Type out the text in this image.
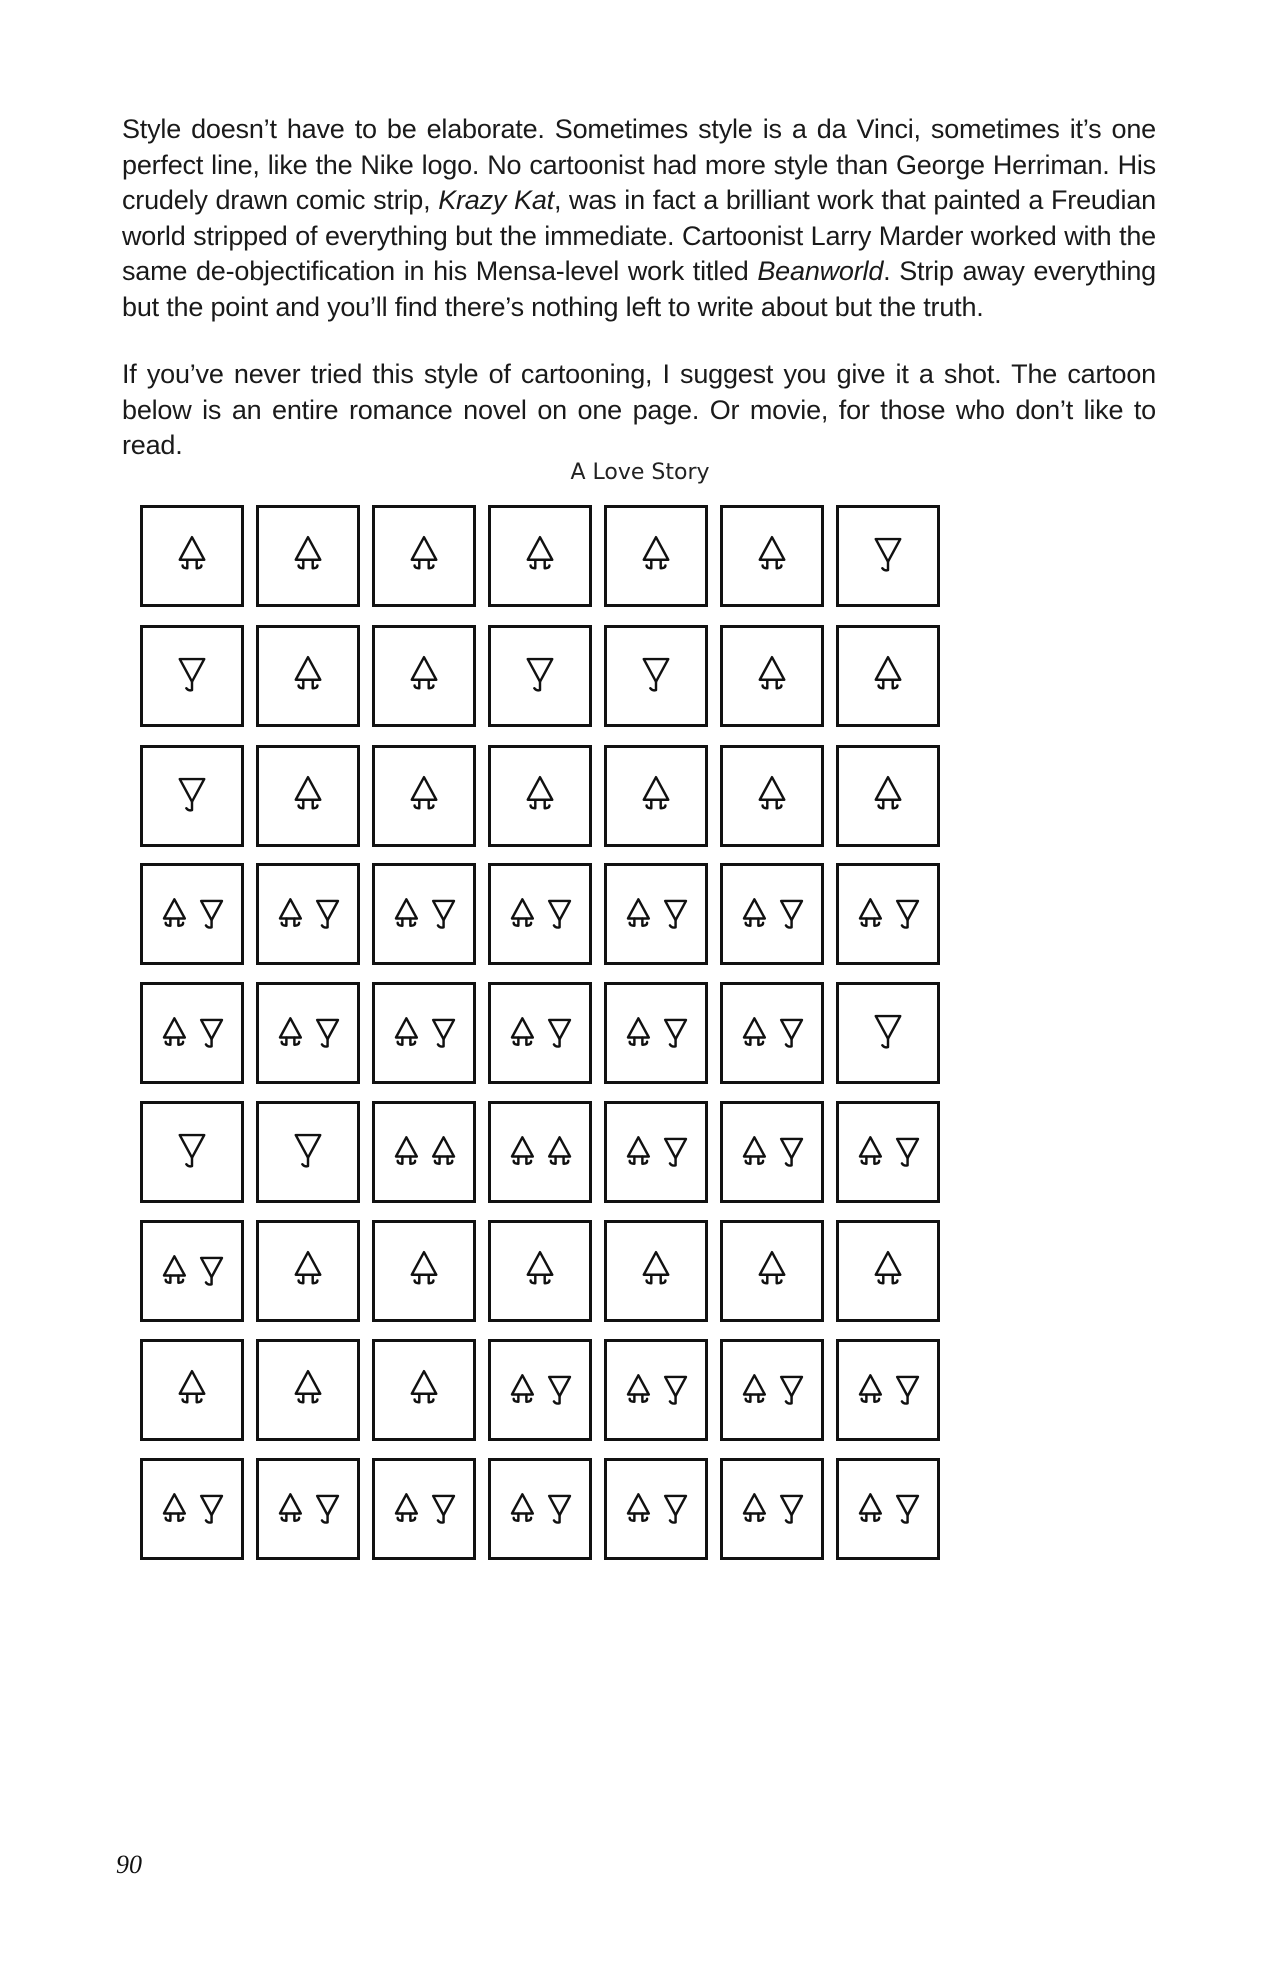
Style doesn’t have to be elaborate. Sometimes style is a da Vinci, sometimes it’s one perfect line, like the Nike logo. No cartoonist had more style than George Herriman. His crudely drawn comic strip, Krazy Kat, was in fact a brilliant work that painted a Freudian world stripped of everything but the immediate. Cartoonist Larry Marder worked with the same de-objectification in his Mensa-level work titled Beanworld. Strip away everything but the point and you’ll find there’s nothing left to write about but the truth.

If you’ve never tried this style of cartooning, I suggest you give it a shot. The cartoon below is an entire romance novel on one page. Or movie, for those who don’t like to read.

A Love Story
90
